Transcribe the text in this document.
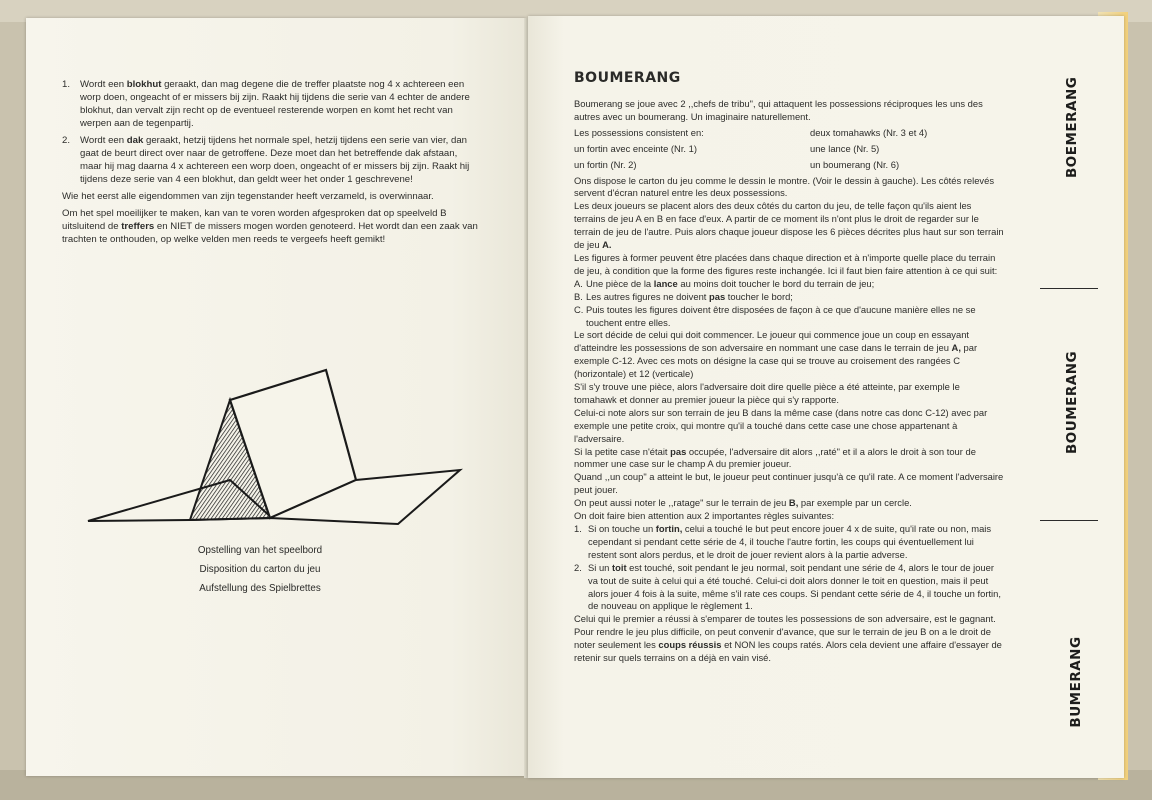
1.	Wordt een blokhut geraakt, dan mag degene die de treffer plaatste nog 4 x achtereen een worp doen, ongeacht of er missers bij zijn. Raakt hij tijdens die serie van 4 echter de andere blokhut, dan vervalt zijn recht op de eventueel resterende worpen en komt het recht van werpen aan de tegenpartij.
2.	Wordt een dak geraakt, hetzij tijdens het normale spel, hetzij tijdens een serie van vier, dan gaat de beurt direct over naar de getroffene. Deze moet dan het betreffende dak afstaan, maar hij mag daarna 4 x achtereen een worp doen, ongeacht of er missers bij zijn. Raakt hij tijdens deze serie van 4 een blokhut, dan geldt weer het onder 1 geschrevene!

Wie het eerst alle eigendommen van zijn tegenstander heeft verzameld, is overwinnaar.

Om het spel moeilijker te maken, kan van te voren worden afgesproken dat op speelveld B uitsluitend de treffers en NIET de missers mogen worden genoteerd. Het wordt dan een zaak van trachten te onthouden, op welke velden men reeds te vergeefs heeft gemikt!

Opstelling van het speelbord
Disposition du carton du jeu
Aufstellung des Spielbrettes
BOUMERANG

Boumerang se joue avec 2 ,,chefs de tribu", qui attaquent les possessions réciproques les uns des autres avec un boumerang. Un imaginaire naturellement.

Les possessions consistent en:	deux tomahawks (Nr. 3 et 4)
un fortin avec enceinte (Nr. 1)	une lance (Nr. 5)
un fortin (Nr. 2)	un boumerang (Nr. 6)

Ons dispose le carton du jeu comme le dessin le montre. (Voir le dessin à gauche). Les côtés relevés servent d'écran naturel entre les deux possessions.

Les deux joueurs se placent alors des deux côtés du carton du jeu, de telle façon qu'ils aient les terrains de jeu A en B en face d'eux. A partir de ce moment ils n'ont plus le droit de regarder sur le terrain de jeu de l'autre. Puis alors chaque joueur dispose les 6 pièces décrites plus haut sur son terrain de jeu A.

Les figures à former peuvent être placées dans chaque direction et à n'importe quelle place du terrain de jeu, à condition que la forme des figures reste inchangée. Ici il faut bien faire attention à ce qui suit:

A. Une pièce de la lance au moins doit toucher le bord du terrain de jeu;
B. Les autres figures ne doivent pas toucher le bord;
C. Puis toutes les figures doivent être disposées de façon à ce que d'aucune manière elles ne se touchent entre elles.

Le sort décide de celui qui doit commencer. Le joueur qui commence joue un coup en essayant d'atteindre les possessions de son adversaire en nommant une case dans le terrain de jeu A, par exemple C-12. Avec ces mots on désigne la case qui se trouve au croisement des rangées C (horizontale) et 12 (verticale)

S'il s'y trouve une pièce, alors l'adversaire doit dire quelle pièce a été atteinte, par exemple le tomahawk et donner au premier joueur la pièce qui s'y rapporte.

Celui-ci note alors sur son terrain de jeu B dans la même case (dans notre cas donc C-12) avec par exemple une petite croix, qui montre qu'il a touché dans cette case une chose appartenant à l'adversaire.

Si la petite case n'était pas occupée, l'adversaire dit alors ,,raté" et il a alors le droit à son tour de nommer une case sur le champ A du premier joueur.

Quand ,,un coup" a atteint le but, le joueur peut continuer jusqu'à ce qu'il rate. A ce moment l'adversaire peut jouer.

On peut aussi noter le ,,ratage" sur le terrain de jeu B, par exemple par un cercle.

On doit faire bien attention aux 2 importantes règles suivantes:

1. Si on touche un fortin, celui a touché le but peut encore jouer 4 x de suite, qu'il rate ou non, mais cependant si pendant cette série de 4, il touche l'autre fortin, les coups qui éventuellement lui restent sont alors perdus, et le droit de jouer revient alors à la partie adverse.
2. Si un toit est touché, soit pendant le jeu normal, soit pendant une série de 4, alors le tour de jouer va tout de suite à celui qui a été touché. Celui-ci doit alors donner le toit en question, mais il peut alors jouer 4 fois à la suite, même s'il rate ces coups. Si pendant cette série de 4, il touche un fortin, de nouveau on applique le règlement 1.

Celui qui le premier a réussi à s'emparer de toutes les possessions de son adversaire, est le gagnant.

Pour rendre le jeu plus difficile, on peut convenir d'avance, que sur le terrain de jeu B on a le droit de noter seulement les coups réussis et NON les coups ratés. Alors cela devient une affaire d'essayer de retenir sur quels terrains on a déjà en vain visé.

BOEMERANG
BOUMERANG
BUMERANG
